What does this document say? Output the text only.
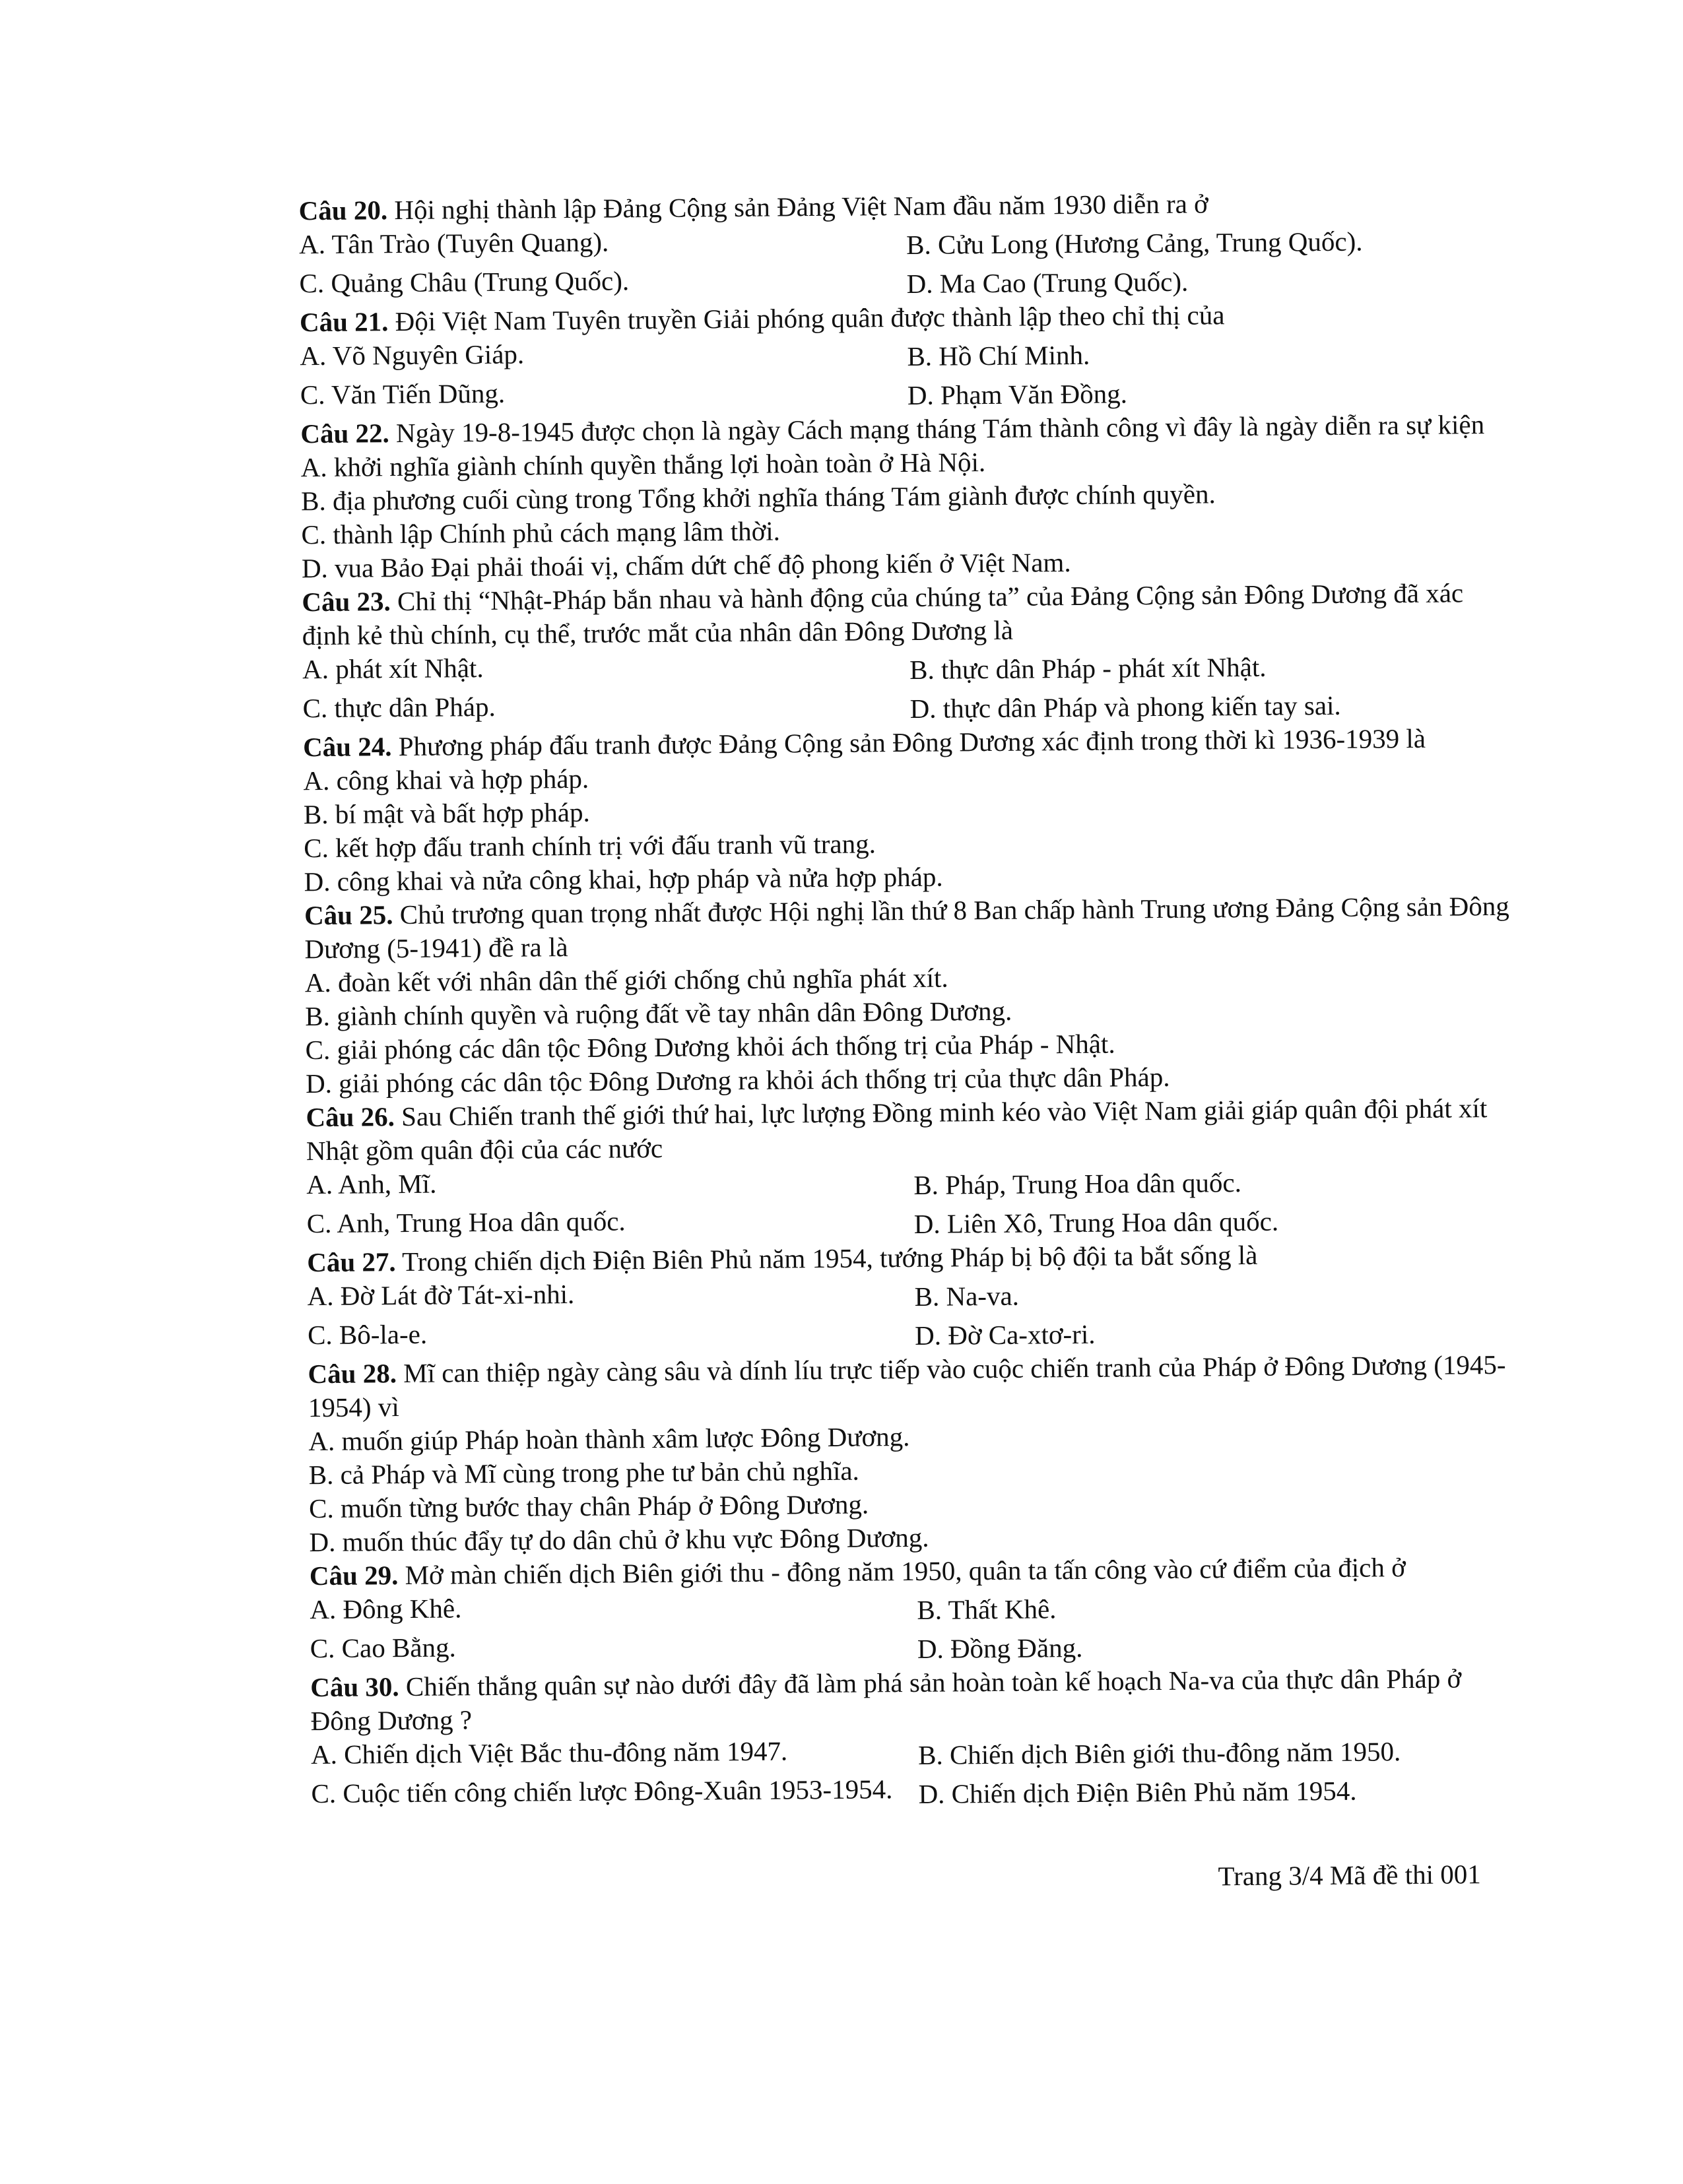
Câu 20. Hội nghị thành lập Đảng Cộng sản Đảng Việt Nam đầu năm 1930 diễn ra ở

A. Tân Trào (Tuyên Quang).	B. Cửu Long (Hương Cảng, Trung Quốc).
C. Quảng Châu (Trung Quốc).	D. Ma Cao (Trung Quốc).

Câu 21. Đội Việt Nam Tuyên truyền Giải phóng quân được thành lập theo chỉ thị của

A. Võ Nguyên Giáp.	B. Hồ Chí Minh.
C. Văn Tiến Dũng.	D. Phạm Văn Đồng.

Câu 22. Ngày 19-8-1945 được chọn là ngày Cách mạng tháng Tám thành công vì đây là ngày diễn ra sự kiện

A. khởi nghĩa giành chính quyền thắng lợi hoàn toàn ở Hà Nội.

B. địa phương cuối cùng trong Tổng khởi nghĩa tháng Tám giành được chính quyền.

C. thành lập Chính phủ cách mạng lâm thời.

D. vua Bảo Đại phải thoái vị, chấm dứt chế độ phong kiến ở Việt Nam.

Câu 23. Chỉ thị “Nhật-Pháp bắn nhau và hành động của chúng ta” của Đảng Cộng sản Đông Dương đã xác định kẻ thù chính, cụ thể, trước mắt của nhân dân Đông Dương là

A. phát xít Nhật.	B. thực dân Pháp - phát xít Nhật.
C. thực dân Pháp.	D. thực dân Pháp và phong kiến tay sai.

Câu 24. Phương pháp đấu tranh được Đảng Cộng sản Đông Dương xác định trong thời kì 1936-1939 là

A. công khai và hợp pháp.

B. bí mật và bất hợp pháp.

C. kết hợp đấu tranh chính trị với đấu tranh vũ trang.

D. công khai và nửa công khai, hợp pháp và nửa hợp pháp.

Câu 25. Chủ trương quan trọng nhất được Hội nghị lần thứ 8 Ban chấp hành Trung ương Đảng Cộng sản Đông Dương (5-1941) đề ra là

A. đoàn kết với nhân dân thế giới chống chủ nghĩa phát xít.

B. giành chính quyền và ruộng đất về tay nhân dân Đông Dương.

C. giải phóng các dân tộc Đông Dương khỏi ách thống trị của Pháp - Nhật.

D. giải phóng các dân tộc Đông Dương ra khỏi ách thống trị của thực dân Pháp.

Câu 26. Sau Chiến tranh thế giới thứ hai, lực lượng Đồng minh kéo vào Việt Nam giải giáp quân đội phát xít Nhật gồm quân đội của các nước

A. Anh, Mĩ.	B. Pháp, Trung Hoa dân quốc.
C. Anh, Trung Hoa dân quốc.	D. Liên Xô, Trung Hoa dân quốc.

Câu 27. Trong chiến dịch Điện Biên Phủ năm 1954, tướng Pháp bị bộ đội ta bắt sống là

A. Đờ Lát đờ Tát-xi-nhi.	B. Na-va.
C. Bô-la-e.	D. Đờ Ca-xtơ-ri.

Câu 28. Mĩ can thiệp ngày càng sâu và dính líu trực tiếp vào cuộc chiến tranh của Pháp ở Đông Dương (1945-1954) vì

A. muốn giúp Pháp hoàn thành xâm lược Đông Dương.

B. cả Pháp và Mĩ cùng trong phe tư bản chủ nghĩa.

C. muốn từng bước thay chân Pháp ở Đông Dương.

D. muốn thúc đẩy tự do dân chủ ở khu vực Đông Dương.

Câu 29. Mở màn chiến dịch Biên giới thu - đông năm 1950, quân ta tấn công vào cứ điểm của địch ở

A. Đông Khê.	B. Thất Khê.
C. Cao Bằng.	D. Đồng Đăng.

Câu 30. Chiến thắng quân sự nào dưới đây đã làm phá sản hoàn toàn kế hoạch Na-va của thực dân Pháp ở Đông Dương ?

A. Chiến dịch Việt Bắc thu-đông năm 1947.	B. Chiến dịch Biên giới thu-đông năm 1950.
C. Cuộc tiến công chiến lược Đông-Xuân 1953-1954. D. Chiến dịch Điện Biên Phủ năm 1954.
Trang 3/4 Mã đề thi 001
